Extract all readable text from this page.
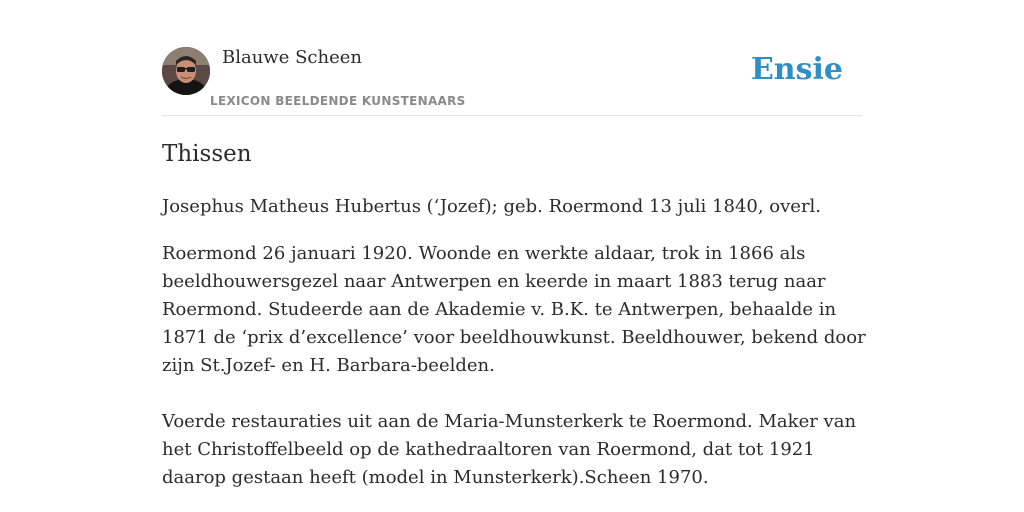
Blauwe Scheen
LEXICON BEELDENDE KUNSTENAARS
Ensie
Thissen

Josephus Matheus Hubertus (‘Jozef); geb. Roermond 13 juli 1840, overl.

Roermond 26 januari 1920. Woonde en werkte aldaar, trok in 1866 als beeldhouwersgezel naar Antwerpen en keerde in maart 1883 terug naar Roermond. Studeerde aan de Akademie v. B.K. te Antwerpen, behaalde in 1871 de ‘prix d’excellence’ voor beeldhouwkunst. Beeldhouwer, bekend door zijn St.Jozef- en H. Barbara-beelden.

Voerde restauraties uit aan de Maria-Munsterkerk te Roermond. Maker van het Christoffelbeeld op de kathedraaltoren van Roermond, dat tot 1921 daarop gestaan heeft (model in Munsterkerk).Scheen 1970.
